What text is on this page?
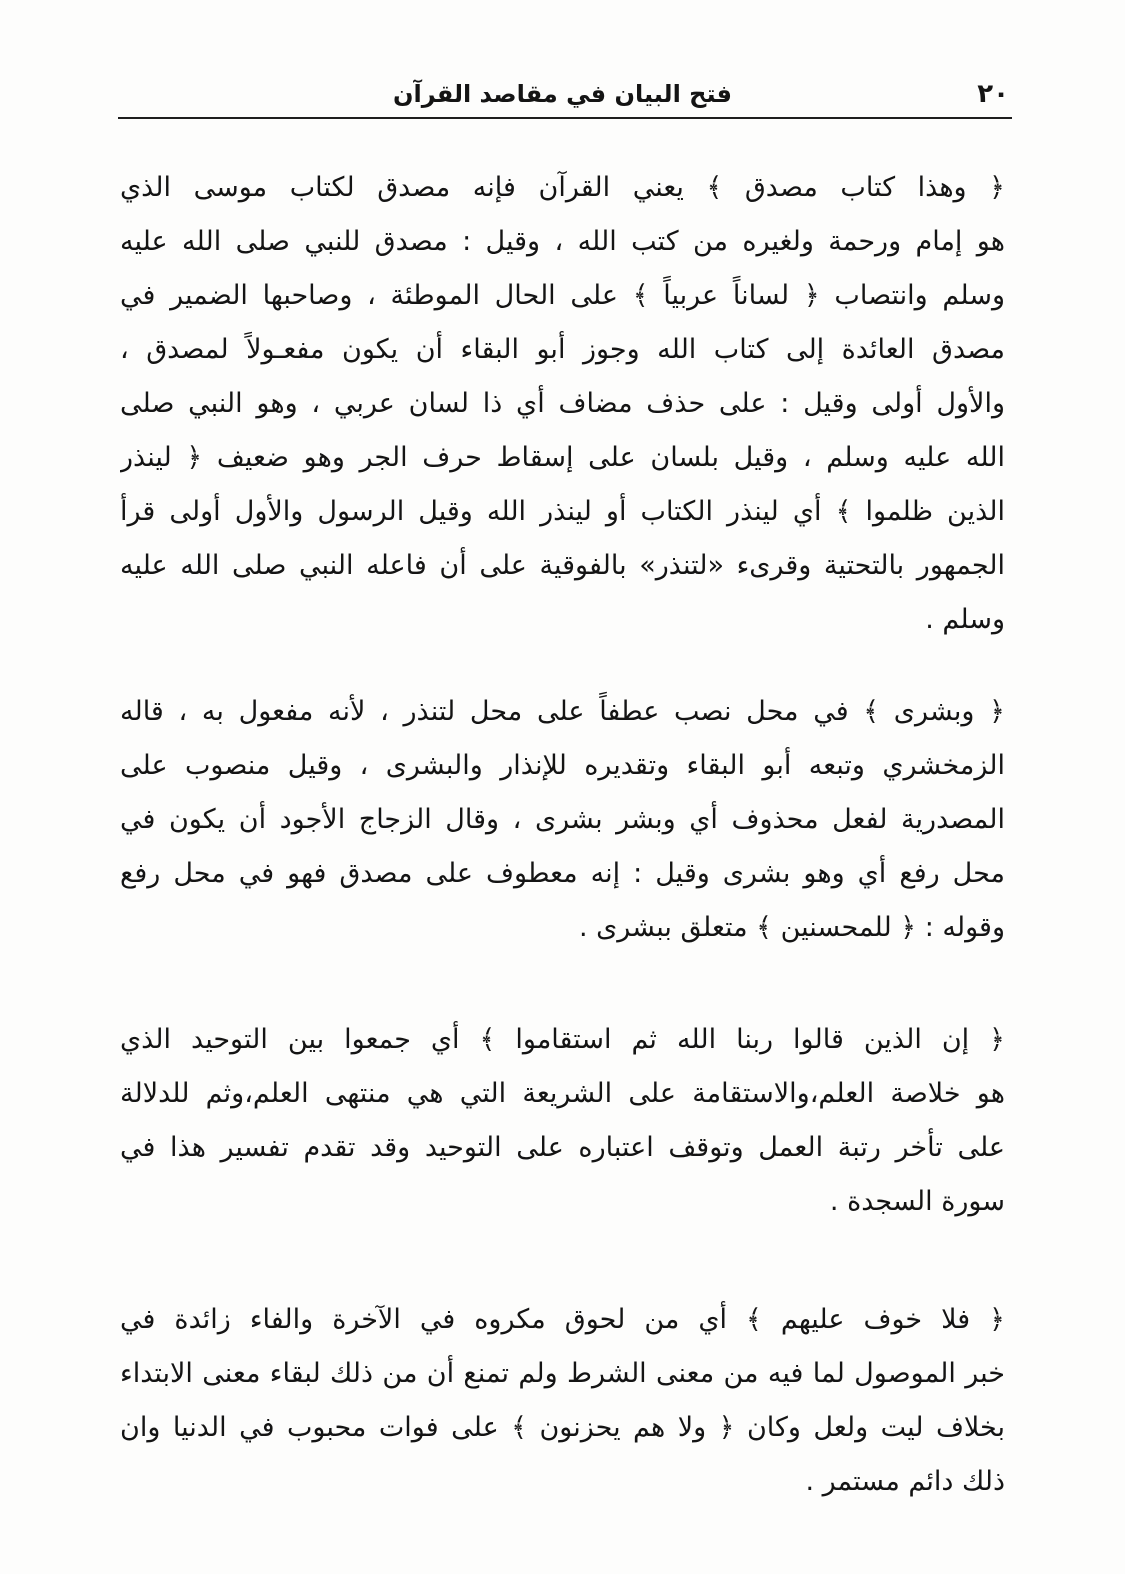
٢٠
فتح البيان في مقاصد القرآن
﴿ وهذا كتاب مصدق ﴾ يعني القرآن فإنه مصدق لكتاب موسى الذي
هو إمام ورحمة ولغيره من كتب الله ، وقيل : مصدق للنبي صلى الله عليه
وسلم وانتصاب ﴿ لساناً عربياً ﴾ على الحال الموطئة ، وصاحبها الضمير في
مصدق العائدة إلى كتاب الله وجوز أبو البقاء أن يكون مفعـولاً لمصدق ،
والأول أولى وقيل : على حذف مضاف أي ذا لسان عربي ، وهو النبي صلى
الله عليه وسلم ، وقيل بلسان على إسقاط حرف الجر وهو ضعيف ﴿ لينذر
الذين ظلموا ﴾ أي لينذر الكتاب أو لينذر الله وقيل الرسول والأول أولى قرأ
الجمهور بالتحتية وقرىء «لتنذر» بالفوقية على أن فاعله النبي صلى الله عليه
وسلم .
﴿ وبشرى ﴾ في محل نصب عطفاً على محل لتنذر ، لأنه مفعول به ، قاله
الزمخشري وتبعه أبو البقاء وتقديره للإنذار والبشرى ، وقيل منصوب على
المصدرية لفعل محذوف أي وبشر بشرى ، وقال الزجاج الأجود أن يكون في
محل رفع أي وهو بشرى وقيل : إنه معطوف على مصدق فهو في محل رفع
وقوله : ﴿ للمحسنين ﴾ متعلق ببشرى .
﴿ إن الذين قالوا ربنا الله ثم استقاموا ﴾ أي جمعوا بين التوحيد الذي
هو خلاصة العلم،والاستقامة على الشريعة التي هي منتهى العلم،وثم للدلالة
على تأخر رتبة العمل وتوقف اعتباره على التوحيد وقد تقدم تفسير هذا في
سورة السجدة .
﴿ فلا خوف عليهم ﴾ أي من لحوق مكروه في الآخرة والفاء زائدة في
خبر الموصول لما فيه من معنى الشرط ولم تمنع أن من ذلك لبقاء معنى الابتداء
بخلاف ليت ولعل وكان ﴿ ولا هم يحزنون ﴾ على فوات محبوب في الدنيا وان
ذلك دائم مستمر .
